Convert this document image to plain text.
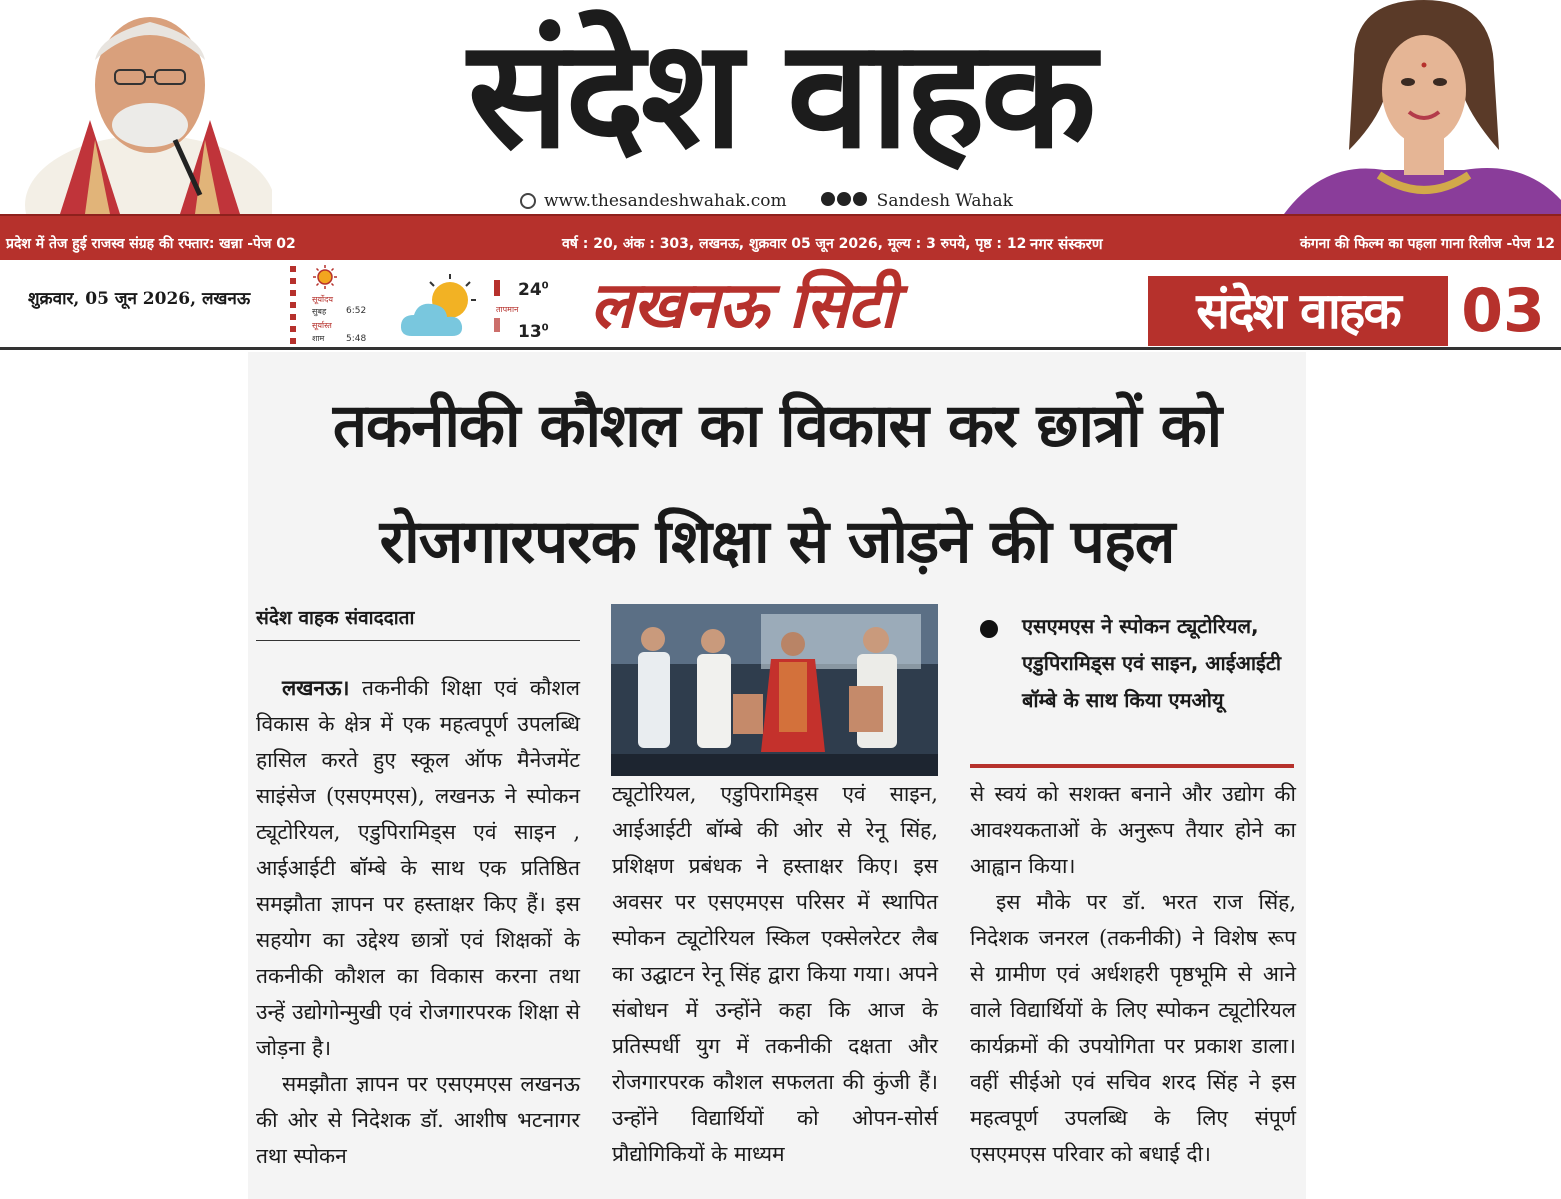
संदेश वाहक
www.thesandeshwahak.com	Sandesh Wahak
प्रदेश में तेज हुई राजस्व संग्रह की रफ्तार: खन्ना -पेज 02	वर्ष : 20, अंक : 303, लखनऊ, शुक्रवार 05 जून 2026, मूल्य : 3 रुपये, पृष्ठ : 12 नगर संस्करण	कंगना की फिल्म का पहला गाना रिलीज -पेज 12
शुक्रवार, 05 जून 2026, लखनऊ	सूर्योदय
सुबह 6:52
सूर्यास्त
शाम 5:48
$24^0$
तापमान
$13^0$ लखनऊ सिटी	संदेश वाहक	03
तकनीकी कौशल का विकास कर छात्रों को
रोजगारपरक शिक्षा से जोड़ने की पहल
संदेश वाहक संवाददाता

लखनऊ। तकनीकी शिक्षा एवं कौशल विकास के क्षेत्र में एक महत्वपूर्ण उपलब्धि हासिल करते हुए स्कूल ऑफ मैनेजमेंट साइंसेज (एसएमएस), लखनऊ ने स्पोकन ट्यूटोरियल, एडुपिरामिड्स एवं साइन , आईआईटी बॉम्बे के साथ एक प्रतिष्ठित समझौता ज्ञापन पर हस्ताक्षर किए हैं। इस सहयोग का उद्देश्य छात्रों एवं शिक्षकों के तकनीकी कौशल का विकास करना तथा उन्हें उद्योगोन्मुखी एवं रोजगारपरक शिक्षा से जोड़ना है।

समझौता ज्ञापन पर एसएमएस लखनऊ की ओर से निदेशक डॉ. आशीष भटनागर तथा स्पोकन

ट्यूटोरियल, एडुपिरामिड्स एवं साइन, आईआईटी बॉम्बे की ओर से रेनू सिंह, प्रशिक्षण प्रबंधक ने हस्ताक्षर किए। इस अवसर पर एसएमएस परिसर में स्थापित स्पोकन ट्यूटोरियल स्किल एक्सेलरेटर लैब का उद्घाटन रेनू सिंह द्वारा किया गया। अपने संबोधन में उन्होंने कहा कि आज के प्रतिस्पर्धी युग में तकनीकी दक्षता और रोजगारपरक कौशल सफलता की कुंजी हैं। उन्होंने विद्यार्थियों को ओपन-सोर्स प्रौद्योगिकियों के माध्यम

एसएमएस ने स्पोकन ट्यूटोरियल, एडुपिरामिड्स एवं साइन, आईआईटी बॉम्बे के साथ किया एमओयू

से स्वयं को सशक्त बनाने और उद्योग की आवश्यकताओं के अनुरूप तैयार होने का आह्वान किया।

इस मौके पर डॉ. भरत राज सिंह, निदेशक जनरल (तकनीकी) ने विशेष रूप से ग्रामीण एवं अर्धशहरी पृष्ठभूमि से आने वाले विद्यार्थियों के लिए स्पोकन ट्यूटोरियल कार्यक्रमों की उपयोगिता पर प्रकाश डाला। वहीं सीईओ एवं सचिव शरद सिंह ने इस महत्वपूर्ण उपलब्धि के लिए संपूर्ण एसएमएस परिवार को बधाई दी।
